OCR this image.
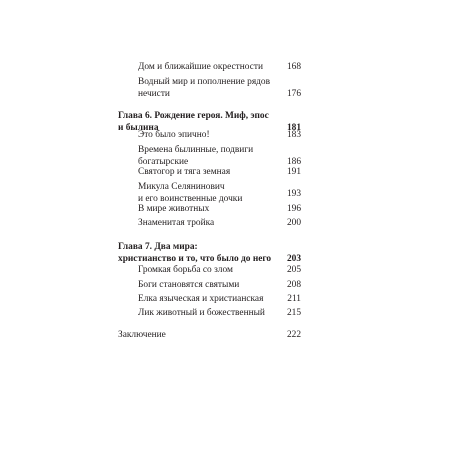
Дом и ближайшие окрестности	168
Водный мир и пополнение рядов
нечисти	176
Глава 6. Рождение героя. Миф, эпос
и былина	181
Это было эпично!	183
Времена былинные, подвиги
богатырские	186
Святогор и тяга земная	191
Микула Селянинович
и его воинственные дочки	193
В мире животных	196
Знаменитая тройка	200
Глава 7. Два мира:
христианство и то, что было до него 203
Громкая борьба со злом	205
Боги становятся святыми	208
Елка языческая и христианская	211
Лик животный и божественный 215
Заключение	222
